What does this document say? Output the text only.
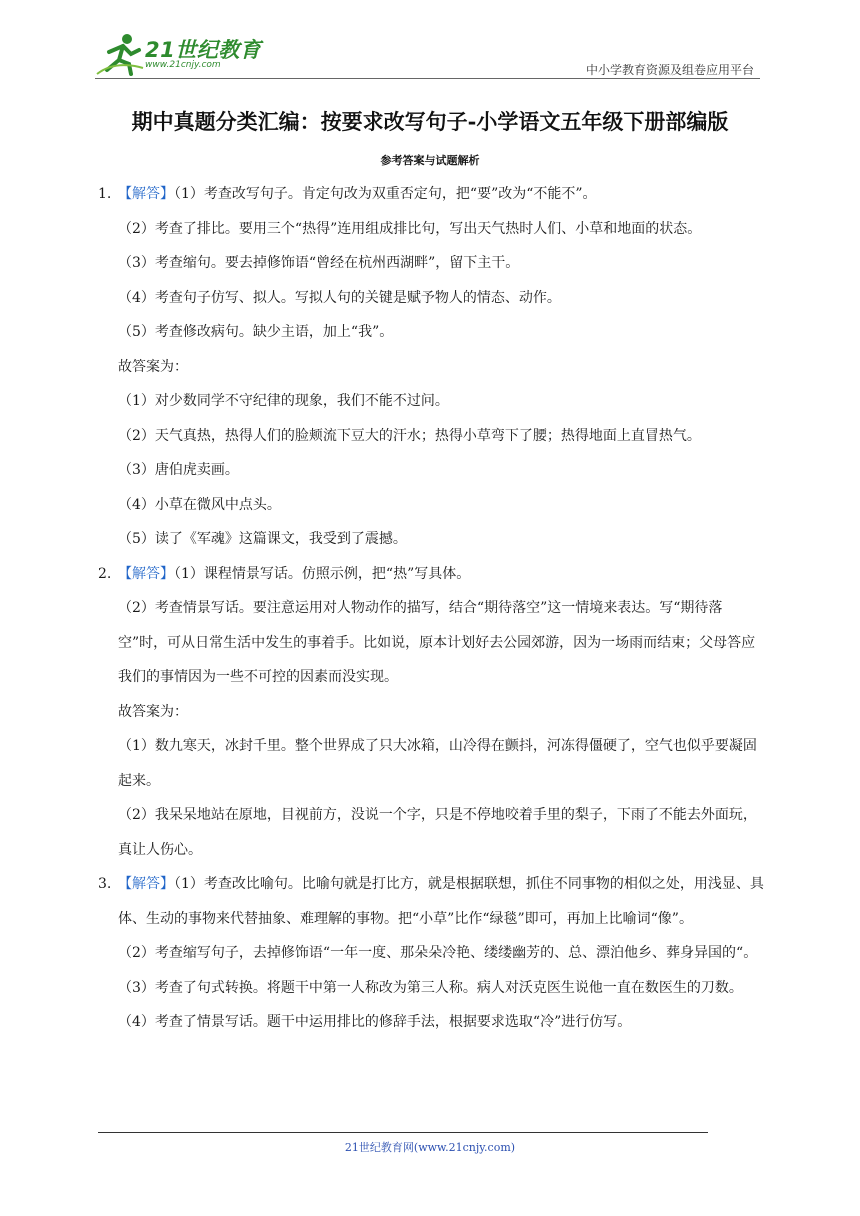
21世纪教育
www.21cnjy.com	中小学教育资源及组卷应用平台
期中真题分类汇编：按要求改写句子-小学语文五年级下册部编版
参考答案与试题解析
1. 【解答】（1）考查改写句子。肯定句改为双重否定句，把“要”改为“不能不”。
（2）考查了排比。要用三个“热得”连用组成排比句，写出天气热时人们、小草和地面的状态。
（3）考查缩句。要去掉修饰语“曾经在杭州西湖畔”，留下主干。
（4）考查句子仿写、拟人。写拟人句的关键是赋予物人的情态、动作。
（5）考查修改病句。缺少主语，加上“我”。
故答案为：
（1）对少数同学不守纪律的现象，我们不能不过问。
（2）天气真热，热得人们的脸颊流下豆大的汗水；热得小草弯下了腰；热得地面上直冒热气。
（3）唐伯虎卖画。
（4）小草在微风中点头。
（5）读了《军魂》这篇课文，我受到了震撼。
2. 【解答】（1）课程情景写话。仿照示例，把“热”写具体。
（2）考查情景写话。要注意运用对人物动作的描写，结合“期待落空”这一情境来表达。写“期待落空”时，可从日常生活中发生的事着手。比如说，原本计划好去公园郊游，因为一场雨而结束；父母答应我们的事情因为一些不可控的因素而没实现。
故答案为：
（1）数九寒天，冰封千里。整个世界成了只大冰箱，山冷得在颤抖，河冻得僵硬了，空气也似乎要凝固起来。
（2）我呆呆地站在原地，目视前方，没说一个字，只是不停地咬着手里的梨子，下雨了不能去外面玩，真让人伤心。
3. 【解答】（1）考查改比喻句。比喻句就是打比方，就是根据联想，抓住不同事物的相似之处，用浅显、具体、生动的事物来代替抽象、难理解的事物。把“小草”比作“绿毯”即可，再加上比喻词“像”。
（2）考查缩写句子，去掉修饰语“一年一度、那朵朵冷艳、缕缕幽芳的、总、漂泊他乡、葬身异国的“。
（3）考查了句式转换。将题干中第一人称改为第三人称。病人对沃克医生说他一直在数医生的刀数。
（4）考查了情景写话。题干中运用排比的修辞手法，根据要求选取“冷”进行仿写。
21世纪教育网(www.21cnjy.com)
